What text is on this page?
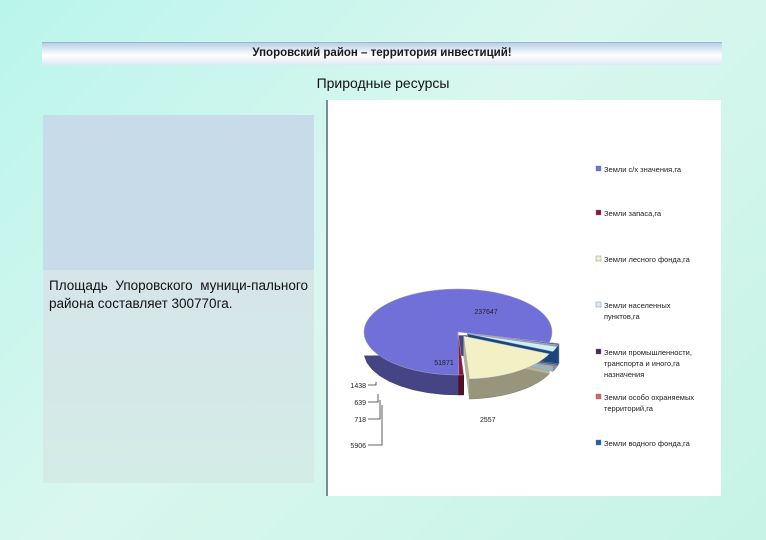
Упоровский район – территория инвестиций!
Природные ресурсы
Площадь Упоровского муници-пального района составляет 300770га.
237647
2557
51871
5906
718
639
1438
Земли с/х значения,га
Земли запаса,га
Земли лесного фонда,га
Земли населенных
пунктов,га
Земли промышленности,
транспорта и иного,га
назначения
Земли особо охраняемых
территорий,га
Земли водного фонда,га
